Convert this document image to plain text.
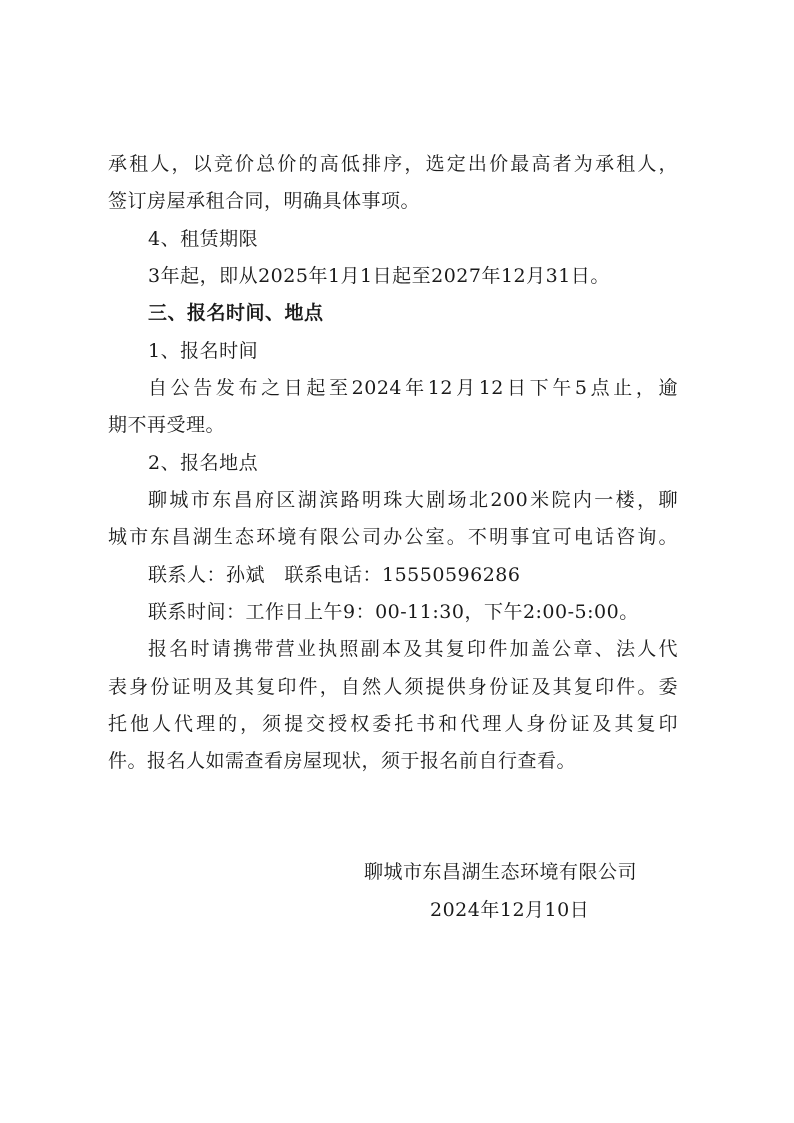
承租人，以竞价总价的高低排序，选定出价最高者为承租人，
签订房屋承租合同，明确具体事项。
4、租赁期限
3年起，即从2025年1月1日起至2027年12月31日。
三、报名时间、地点
1、报名时间
自公告发布之日起至2024年12月12日下午5点止，逾
期不再受理。
2、报名地点
聊城市东昌府区湖滨路明珠大剧场北200米院内一楼，聊
城市东昌湖生态环境有限公司办公室。不明事宜可电话咨询。
联系人：孙斌　联系电话：15550596286
联系时间：工作日上午9：00-11:30，下午2:00-5:00。
报名时请携带营业执照副本及其复印件加盖公章、法人代
表身份证明及其复印件，自然人须提供身份证及其复印件。委
托他人代理的，须提交授权委托书和代理人身份证及其复印
件。报名人如需查看房屋现状，须于报名前自行查看。
聊城市东昌湖生态环境有限公司
2024年12月10日
